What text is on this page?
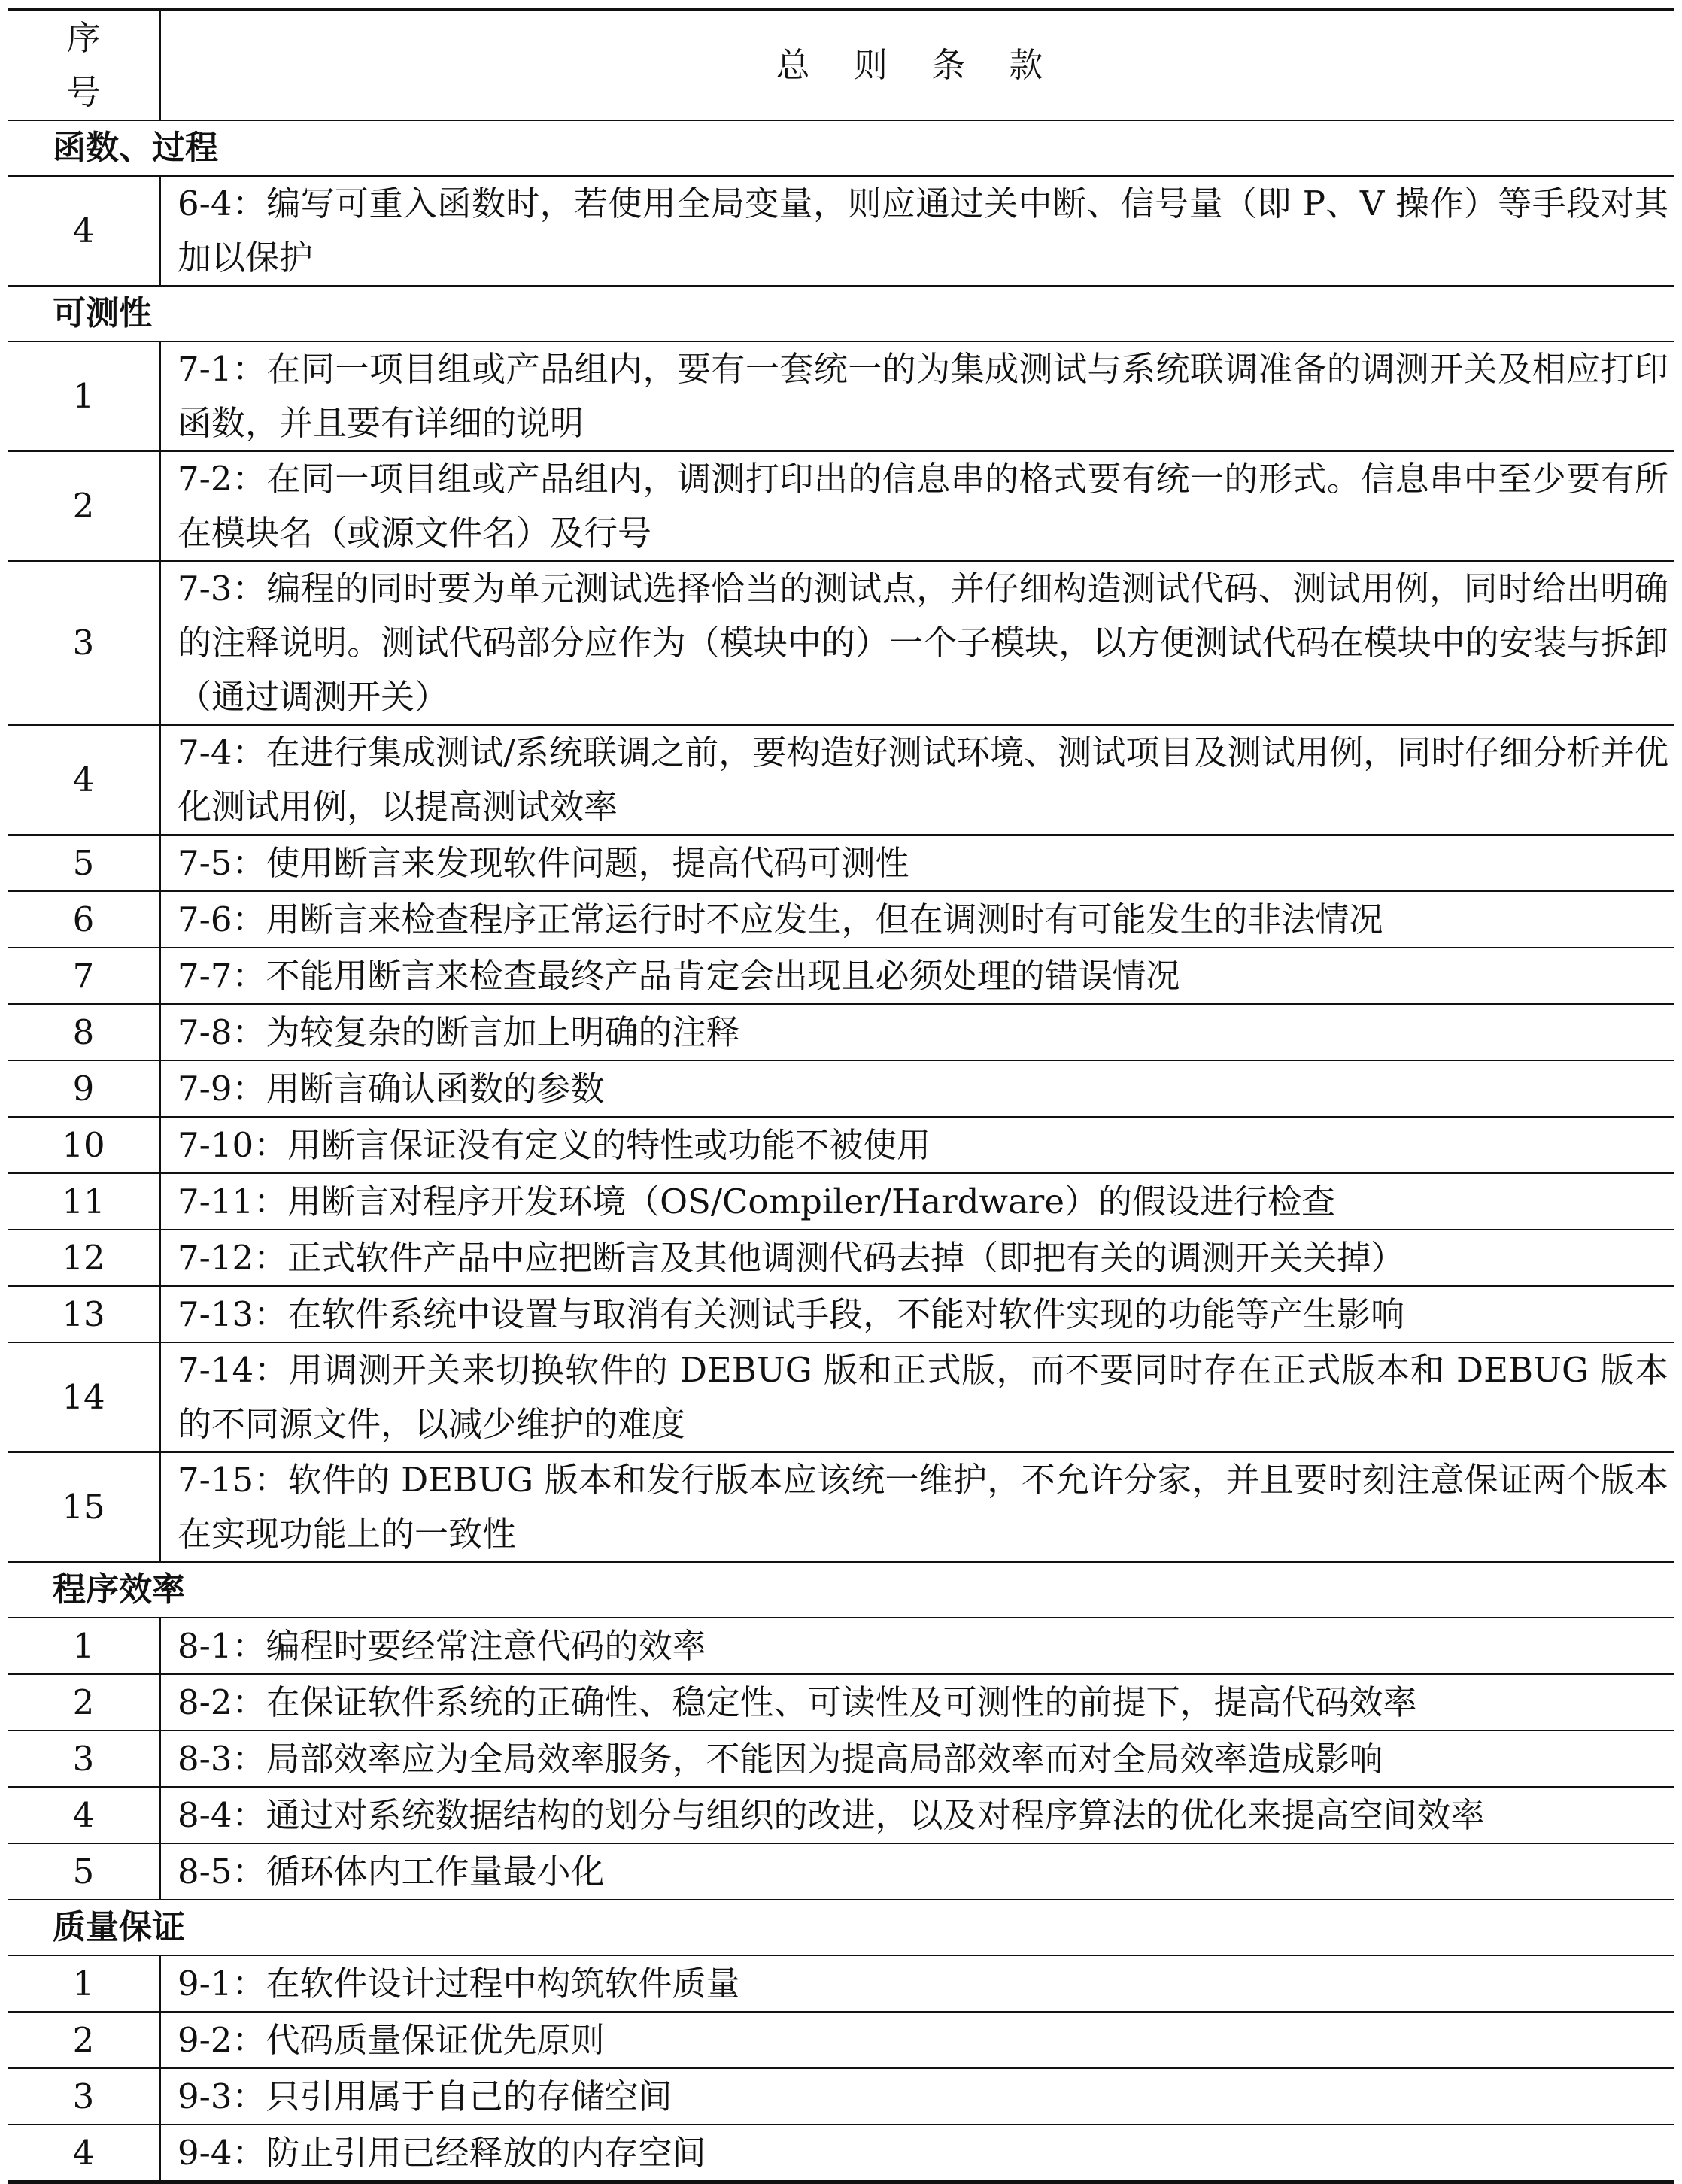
序 号	总 则 条 款
函数、过程	
4	6-4：编写可重入函数时，若使用全局变量，则应通过关中断、信号量（即 P、V 操作）等手段对其加以保护
可测性	
1	7-1：在同一项目组或产品组内，要有一套统一的为集成测试与系统联调准备的调测开关及相应打印函数，并且要有详细的说明
2	7-2：在同一项目组或产品组内，调测打印出的信息串的格式要有统一的形式。信息串中至少要有所在模块名（或源文件名）及行号
3	7-3：编程的同时要为单元测试选择恰当的测试点，并仔细构造测试代码、测试用例，同时给出明确的注释说明。测试代码部分应作为（模块中的）一个子模块，以方便测试代码在模块中的安装与拆卸（通过调测开关）
4	7-4：在进行集成测试/系统联调之前，要构造好测试环境、测试项目及测试用例，同时仔细分析并优化测试用例，以提高测试效率
5	7-5：使用断言来发现软件问题，提高代码可测性
6	7-6：用断言来检查程序正常运行时不应发生，但在调测时有可能发生的非法情况
7	7-7：不能用断言来检查最终产品肯定会出现且必须处理的错误情况
8	7-8：为较复杂的断言加上明确的注释
9	7-9：用断言确认函数的参数
10	7-10：用断言保证没有定义的特性或功能不被使用
11	7-11：用断言对程序开发环境（OS/Compiler/Hardware）的假设进行检查
12	7-12：正式软件产品中应把断言及其他调测代码去掉（即把有关的调测开关关掉）
13	7-13：在软件系统中设置与取消有关测试手段，不能对软件实现的功能等产生影响
14	7-14：用调测开关来切换软件的 DEBUG 版和正式版，而不要同时存在正式版本和 DEBUG 版本的不同源文件，以减少维护的难度
15	7-15：软件的 DEBUG 版本和发行版本应该统一维护，不允许分家，并且要时刻注意保证两个版本在实现功能上的一致性
程序效率	
1	8-1：编程时要经常注意代码的效率
2	8-2：在保证软件系统的正确性、稳定性、可读性及可测性的前提下，提高代码效率
3	8-3：局部效率应为全局效率服务，不能因为提高局部效率而对全局效率造成影响
4	8-4：通过对系统数据结构的划分与组织的改进，以及对程序算法的优化来提高空间效率
5	8-5：循环体内工作量最小化
质量保证	
1	9-1：在软件设计过程中构筑软件质量
2	9-2：代码质量保证优先原则
3	9-3：只引用属于自己的存储空间
4	9-4：防止引用已经释放的内存空间
